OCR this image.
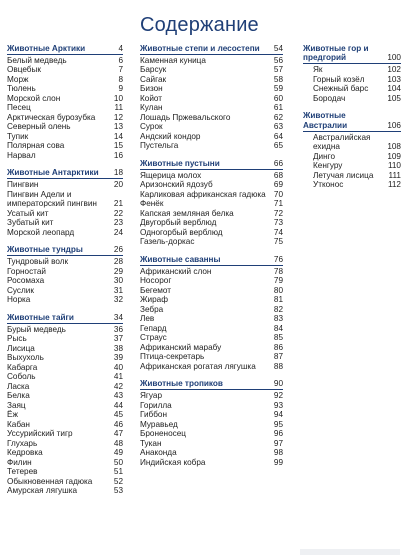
Содержание
Животные Арктики	4
Белый медведь	6
Овцебык	7
Морж	8
Тюлень	9
Морской слон	10
Песец	11
Арктическая бурозубка	12
Северный олень	13
Тупик	14
Полярная сова	15
Нарвал	16
Животные Антарктики	18
Пингвин	20
Пингвин Адели и императорский пингвин	21
Усатый кит	22
Зубатый кит	23
Морской леопард	24
Животные тундры	26
Тундровый волк	28
Горностай	29
Росомаха	30
Суслик	31
Норка	32
Животные тайги	34
Бурый медведь	36
Рысь	37
Лисица	38
Выхухоль	39
Кабарга	40
Соболь	41
Ласка	42
Белка	43
Заяц	44
Ёж	45
Кабан	46
Уссурийский тигр	47
Глухарь	48
Кедровка	49
Филин	50
Тетерев	51
Обыкновенная гадюка	52
Амурская лягушка	53
Животные степи и лесостепи	54
Каменная куница	56
Барсук	57
Сайгак	58
Бизон	59
Койот	60
Кулан	61
Лошадь Пржевальского	62
Сурок	63
Андский кондор	64
Пустельга	65
Животные пустыни	66
Ящерица молох	68
Аризонский ядозуб	69
Карликовая африканская гадюка	70
Фенёк	71
Капская земляная белка	72
Двугорбый верблюд	73
Одногорбый верблюд	74
Газель-доркас	75
Животные саванны	76
Африканский слон	78
Носорог	79
Бегемот	80
Жираф	81
Зебра	82
Лев	83
Гепард	84
Страус	85
Африканский марабу	86
Птица-секретарь	87
Африканская рогатая лягушка	88
Животные тропиков	90
Ягуар	92
Горилла	93
Гиббон	94
Муравьед	95
Броненосец	96
Тукан	97
Анаконда	98
Индийская кобра	99
Животные гор и предгорий	100
Як	102
Горный козёл	103
Снежный барс	104
Бородач	105
Животные Австралии	106
Австралийская ехидна	108
Динго	109
Кенгуру	110
Летучая лисица	111
Утконос	112
